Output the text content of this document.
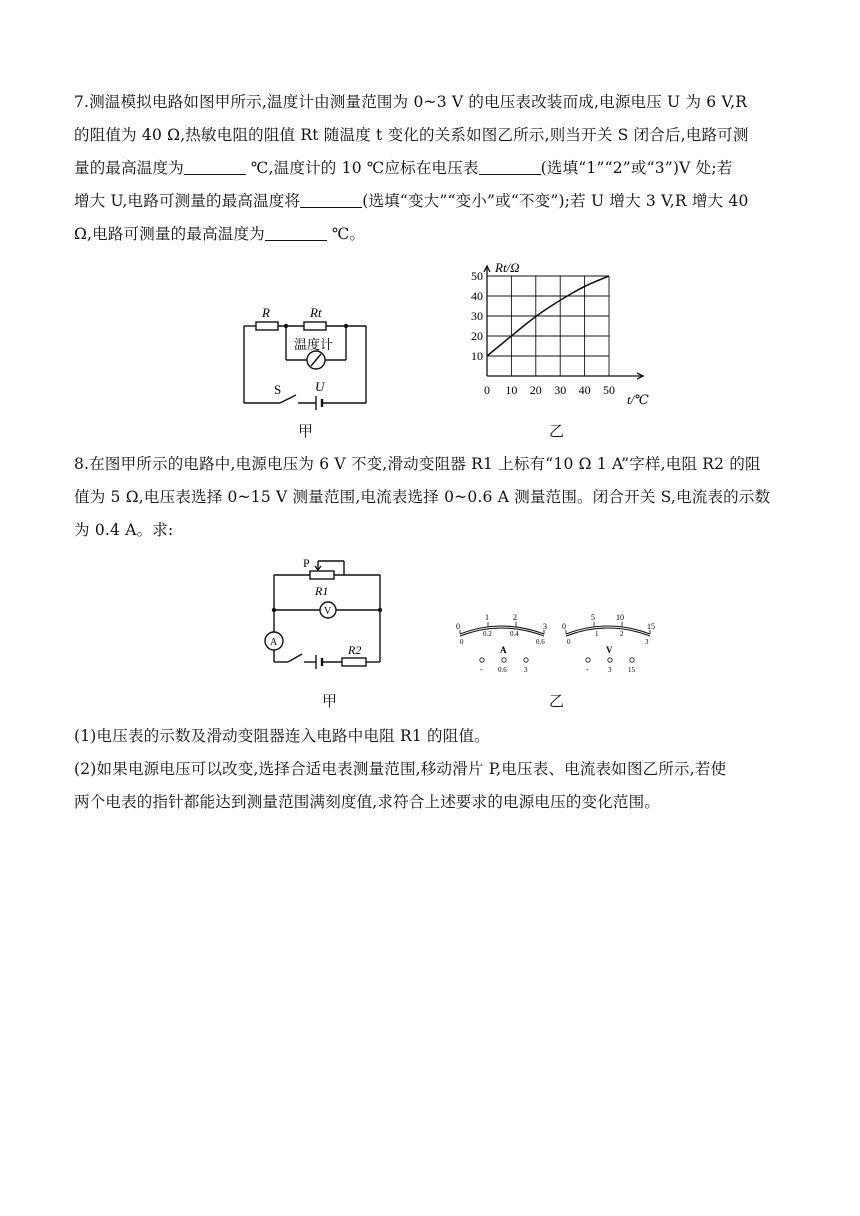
7.测温模拟电路如图甲所示,温度计由测量范围为 0~3 V 的电压表改装而成,电源电压 U 为 6 V,R
的阻值为 40 Ω,热敏电阻的阻值 Rt 随温度 t 变化的关系如图乙所示,则当开关 S 闭合后,电路可测
量的最高温度为	℃,温度计的 10 ℃应标在电压表	(选填“1”“2”或“3”)V 处;若
增大 U,电路可测量的最高温度将	(选填“变大”“变小”或“不变”);若 U 增大 3 V,R 增大 40
Ω,电路可测量的最高温度为	℃。
R	Rt
温度计
S	U
甲
10
20
30
40
50
0 10 20 30 40 50
Rt/Ω
t/℃
乙
8.在图甲所示的电路中,电源电压为 6 V 不变,滑动变阻器 R1 上标有“10 Ω 1 A”字样,电阻 R2 的阻
值为 5 Ω,电压表选择 0~15 V 测量范围,电流表选择 0~0.6 A 测量范围。闭合开关 S,电流表的示数
为 0.4 A。求:
P
R1
V
A
R2
甲
0
1	2
3
0
0.2	0.4
0.6
A
- 0.6 3
0
5	10
15
0
1	2
3
V
-	3 15
乙
(1)电压表的示数及滑动变阻器连入电路中电阻 R1 的阻值。
(2)如果电源电压可以改变,选择合适电表测量范围,移动滑片 P,电压表、电流表如图乙所示,若使
两个电表的指针都能达到测量范围满刻度值,求符合上述要求的电源电压的变化范围。
